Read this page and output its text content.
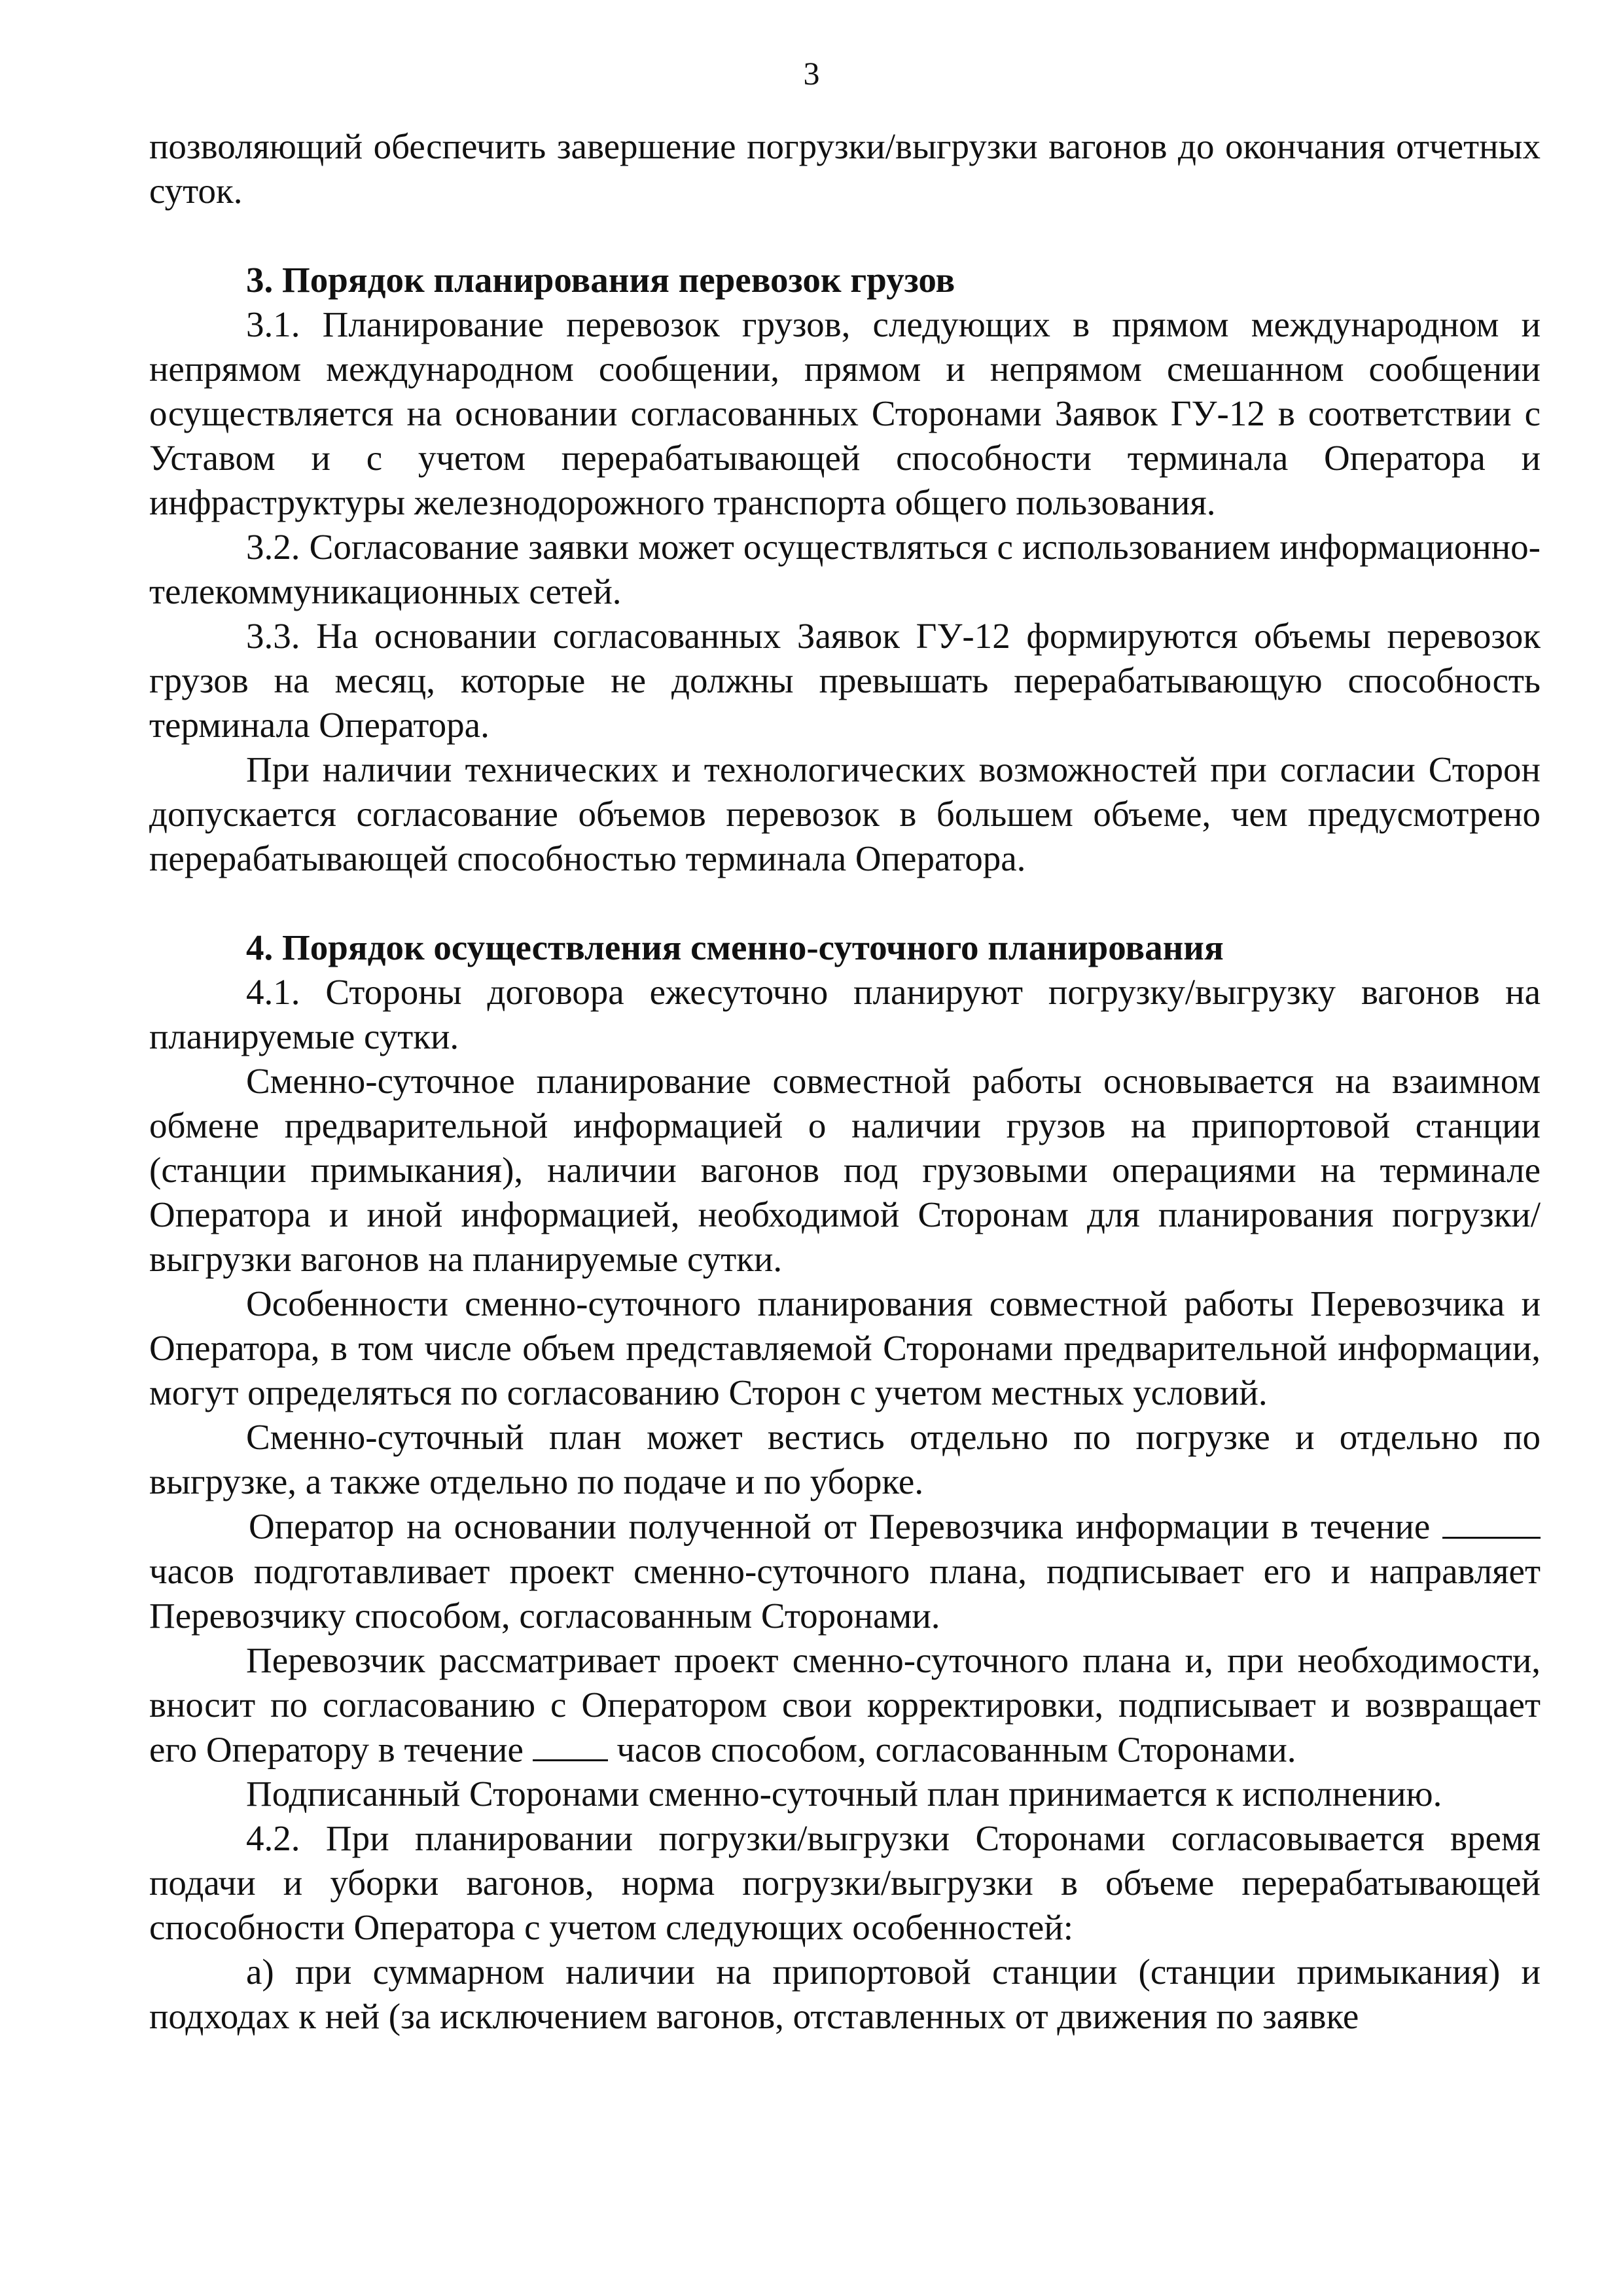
3

позволяющий обеспечить завершение погрузки/выгрузки вагонов до окончания отчетных суток.

3. Порядок планирования перевозок грузов

3.1. Планирование перевозок грузов, следующих в прямом международном и непрямом международном сообщении, прямом и непрямом смешанном сообщении осуществляется на основании согласованных Сторонами Заявок ГУ-12 в соответствии с Уставом и с учетом перерабатывающей способности терминала Оператора и инфраструктуры железнодорожного транспорта общего пользования.

3.2. Согласование заявки может осуществляться с использованием информационно-телекоммуникационных сетей.

3.3. На основании согласованных Заявок ГУ-12 формируются объемы перевозок грузов на месяц, которые не должны превышать перерабатывающую способность терминала Оператора.

При наличии технических и технологических возможностей при согласии Сторон допускается согласование объемов перевозок в большем объеме, чем предусмотрено перерабатывающей способностью терминала Оператора.

4. Порядок осуществления сменно-суточного планирования

4.1. Стороны договора ежесуточно планируют погрузку/выгрузку вагонов на планируемые сутки.

Сменно-суточное планирование совместной работы основывается на взаимном обмене предварительной информацией о наличии грузов на припортовой станции (станции примыкания), наличии вагонов под грузовыми операциями на терминале Оператора и иной информацией, необходимой Сторонам для планирования погрузки/выгрузки вагонов на планируемые сутки.

Особенности сменно-суточного планирования совместной работы Перевозчика и Оператора, в том числе объем представляемой Сторонами предварительной информации, могут определяться по согласованию Сторон с учетом местных условий.

Сменно-суточный план может вестись отдельно по погрузке и отдельно по выгрузке, а также отдельно по подаче и по уборке.

Оператор на основании полученной от Перевозчика информации в течение  часов подготавливает проект сменно-суточного плана, подписывает его и направляет Перевозчику способом, согласованным Сторонами.

Перевозчик рассматривает проект сменно-суточного плана и, при необходимости, вносит по согласованию с Оператором свои корректировки, подписывает и возвращает его Оператору в течение	часов способом, согласованным Сторонами.

Подписанный Сторонами сменно-суточный план принимается к исполнению.

4.2. При планировании погрузки/выгрузки Сторонами согласовывается время подачи и уборки вагонов, норма погрузки/выгрузки в объеме перерабатывающей способности Оператора с учетом следующих особенностей:

а) при суммарном наличии на припортовой станции (станции примыкания) и подходах к ней (за исключением вагонов, отставленных от движения по заявке
